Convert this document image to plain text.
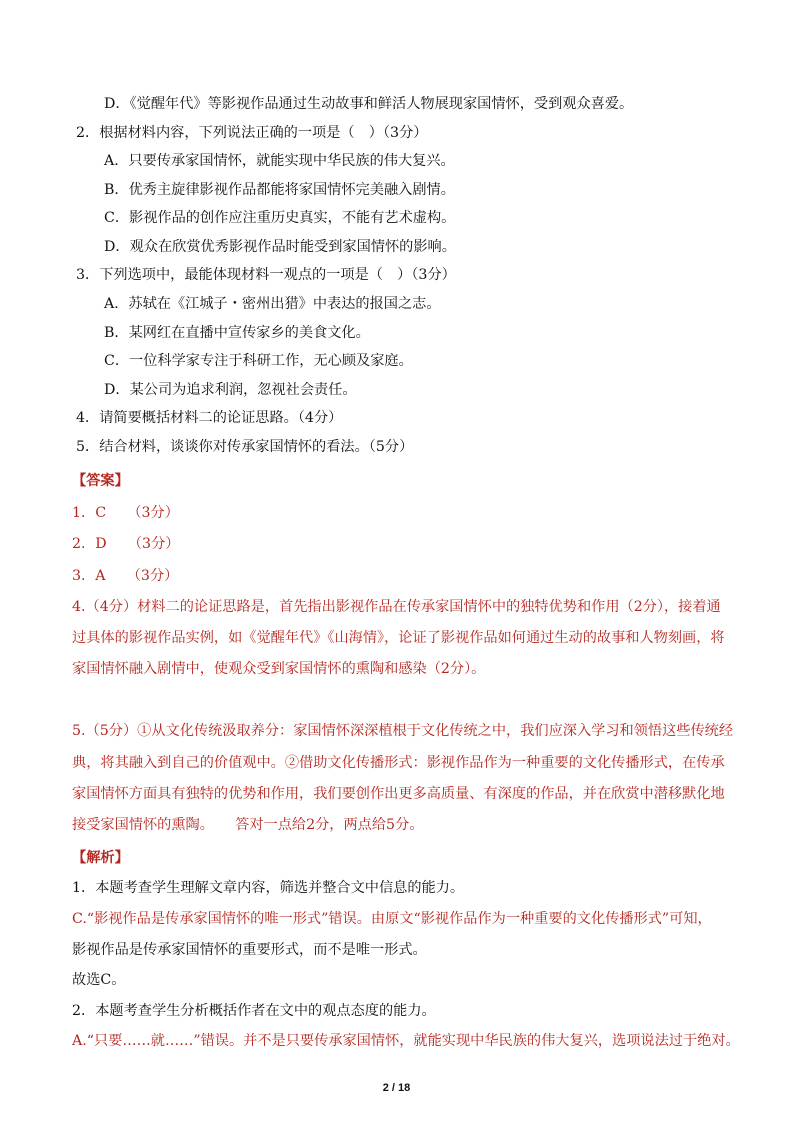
D．《觉醒年代》等影视作品通过生动故事和鲜活人物展现家国情怀，受到观众喜爱。
2．根据材料内容，下列说法正确的一项是（　）（3分）
A．只要传承家国情怀，就能实现中华民族的伟大复兴。
B．优秀主旋律影视作品都能将家国情怀完美融入剧情。
C．影视作品的创作应注重历史真实，不能有艺术虚构。
D．观众在欣赏优秀影视作品时能受到家国情怀的影响。
3．下列选项中，最能体现材料一观点的一项是（　）（3分）
A．苏轼在《江城子・密州出猎》中表达的报国之志。
B．某网红在直播中宣传家乡的美食文化。
C．一位科学家专注于科研工作，无心顾及家庭。
D．某公司为追求利润，忽视社会责任。
4．请简要概括材料二的论证思路。（4分）
5．结合材料，谈谈你对传承家国情怀的看法。（5分）
【答案】
1．C　　（3分）
2．D　　（3分）
3．A　　（3分）
4.（4分）材料二的论证思路是，首先指出影视作品在传承家国情怀中的独特优势和作用（2分），接着通
过具体的影视作品实例，如《觉醒年代》《山海情》，论证了影视作品如何通过生动的故事和人物刻画，将
家国情怀融入剧情中，使观众受到家国情怀的熏陶和感染（2分）。
5.（5分）①从文化传统汲取养分：家国情怀深深植根于文化传统之中，我们应深入学习和领悟这些传统经
典，将其融入到自己的价值观中。②借助文化传播形式：影视作品作为一种重要的文化传播形式，在传承
家国情怀方面具有独特的优势和作用，我们要创作出更多高质量、有深度的作品，并在欣赏中潜移默化地
接受家国情怀的熏陶。　　答对一点给2分，两点给5分。
【解析】
1．本题考查学生理解文章内容，筛选并整合文中信息的能力。
C.“影视作品是传承家国情怀的唯一形式”错误。由原文“影视作品作为一种重要的文化传播形式”可知，
影视作品是传承家国情怀的重要形式，而不是唯一形式。
故选C。
2．本题考查学生分析概括作者在文中的观点态度的能力。
A.“只要……就……”错误。并不是只要传承家国情怀，就能实现中华民族的伟大复兴，选项说法过于绝对。
2 / 18
